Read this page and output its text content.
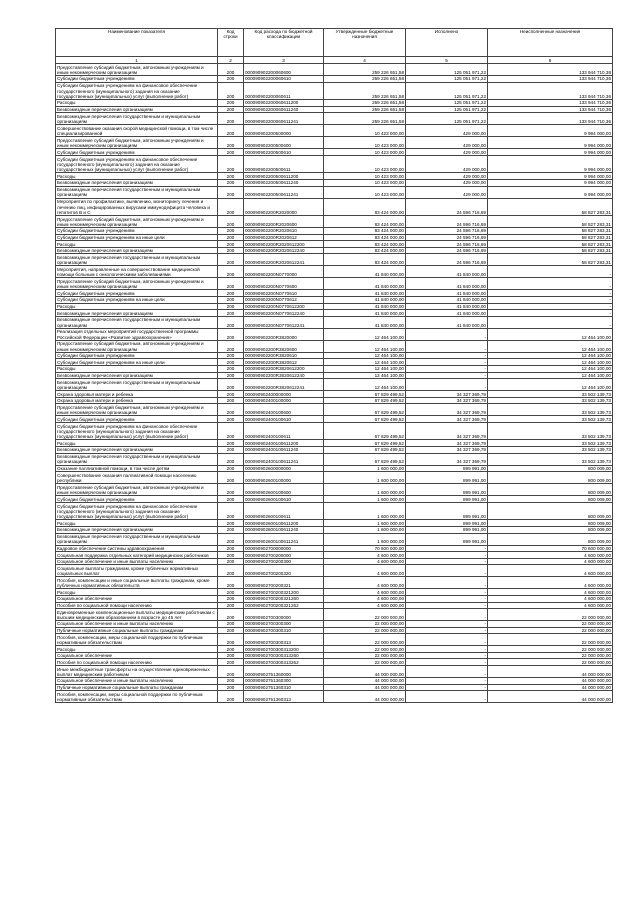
Наименование показателя	Код строки	Код расхода по бюджетной классификации	Утвержденные бюджетные назначения	Исполнено	Неисполненные назначения
1	2	3	4	5	6
Предоставление субсидий бюджетным, автономным учреждениям и иным некоммерческим организациям	200	000090902200060600	259 226 651,58	125 051 971,22	133 944 710,38
Субсидии бюджетным учреждениям	200	000090902200060610	259 226 651,58	125 051 971,22	133 944 710,36
Субсидии бюджетным учреждениям на финансовое обеспечение государственного (муниципального) задания на оказание государственных (муниципальных) услуг (выполнение работ)	200	000090902200060611	259 226 651,58	125 051 971,22	133 944 710,36
Расходы	200	000090902200060611200	259 226 651,58	125 051 971,22	133 944 710,36
Безвозмездные перечисления организациям	200	000090902200060611240	259 226 651,58	125 051 971,22	133 944 710,36
Безвозмездные перечисления государственным и муниципальным организациям	200	000090902200060611241	259 226 651,58	125 051 971,22	133 944 710,36
Совершенствование оказания скорой медицинской помощи, в том числе специализированной	200	000090902200500000	10 423 000,00	429 000,00	9 994 000,00
Предоставление субсидий бюджетным, автономным учреждениям и иным некоммерческим организациям	200	000090902200500600	10 423 000,00	429 000,00	9 994 000,00
Субсидии бюджетным учреждениям	200	000090902200500610	10 423 000,00	429 000,00	9 994 000,00
Субсидии бюджетным учреждениям на финансовое обеспечение государственного (муниципального) задания на оказание государственных (муниципальных) услуг (выполнение работ)	200	000090902200500611	10 423 000,00	429 000,00	9 994 000,00
Расходы	200	000090902200500611200	10 423 000,00	429 000,00	9 994 000,00
Безвозмездные перечисления организациям	200	000090902200500611240	10 423 000,00	429 000,00	9 994 000,00
Безвозмездные перечисления государственным и муниципальным организациям	200	000090902200500611241	10 423 000,00	429 000,00	9 994 000,00
Мероприятия по профилактике, выявлению, мониторингу лечения и лечению лиц, инфицированных вирусами иммунодефицита человека и гепатитов B и C	200	000090902200R2020000	83 424 000,00	24 596 716,69	58 827 283,31
Предоставление субсидий бюджетным, автономным учреждениям и иным некоммерческим организациям	200	000090902200R2020600	83 424 000,00	24 596 716,69	58 827 283,31
Субсидии бюджетным учреждениям	200	000090902200R2020610	83 424 000,00	24 596 716,69	58 827 283,31
Субсидии бюджетным учреждениям на иные цели	200	000090902200R2020612	83 424 000,00	24 596 716,69	58 827 283,31
Расходы	200	000090902200R2020612200	83 424 000,00	24 596 716,69	58 827 283,31
Безвозмездные перечисления организациям	200	000090902200R2020612240	83 424 000,00	24 596 716,69	58 827 283,31
Безвозмездные перечисления государственным и муниципальным организациям	200	000090902200R2020612241	83 424 000,00	24 596 716,69	58 827 283,31
Мероприятия, направленные на совершенствование медицинской помощи больным с онкологическими заболеваниями	200	000090902200N0770000	41 840 000,00	41 840 000,00	-
Предоставление субсидий бюджетным, автономным учреждениям и иным некоммерческим организациям	200	000090902200N0770600	41 840 000,00	41 840 000,00	-
Субсидии бюджетным учреждениям	200	000090902200N0770610	41 840 000,00	41 840 000,00	-
Субсидии бюджетным учреждениям на иные цели	200	000090902200N0770612	41 840 000,00	41 840 000,00	-
Расходы	200	000090902200N0770612200	41 840 000,00	41 840 000,00	-
Безвозмездные перечисления организациям	200	000090902200N0770612240	41 840 000,00	41 840 000,00	-
Безвозмездные перечисления государственным и муниципальным организациям	200	000090902200N0770612241	41 840 000,00	41 840 000,00	-
Реализация отдельных мероприятий государственной программы Российской Федерации «Развитие здравоохранения»	200	000090902200R3820000	12 464 100,00	-	12 464 100,00
Предоставление субсидий бюджетным, автономным учреждениям и иным некоммерческим организациям	200	000090902200R3820600	12 464 100,00	-	12 464 100,00
Субсидии бюджетным учреждениям	200	000090902200R3820610	12 464 100,00	-	12 464 100,00
Субсидии бюджетным учреждениям на иные цели	200	000090902200R3820612	12 464 100,00	-	12 464 100,00
Расходы	200	000090902200R3820612200	12 464 100,00	-	12 464 100,00
Безвозмездные перечисления организациям	200	000090902200R3820612240	12 464 100,00	-	12 464 100,00
Безвозмездные перечисления государственным и муниципальным организациям	200	000090902200R3820612241	12 464 100,00	-	12 464 100,00
Охрана здоровья матери и ребенка	200	000090902400000000	67 829 499,52	34 327 369,79	33 502 139,73
Охрана здоровья матери и ребенка	200	000090902400100000	67 829 499,52	34 327 369,79	33 502 139,73
Предоставление субсидий бюджетным, автономным учреждениям и иным некоммерческим организациям	200	000090902400100600	67 829 499,52	34 327 369,79	33 502 139,73
Субсидии бюджетным учреждениям	200	000090902400100610	67 829 499,52	34 327 369,79	33 502 139,73
Субсидии бюджетным учреждениям на финансовое обеспечение государственного (муниципального) задания на оказание государственных (муниципальных) услуг (выполнение работ)	200	000090902400100611	67 829 499,52	34 327 369,79	33 502 139,73
Расходы	200	000090902400100611200	67 829 499,52	34 327 369,79	33 502 139,73
Безвозмездные перечисления организациям	200	000090902400100611240	67 829 499,52	34 327 369,79	33 502 139,73
Безвозмездные перечисления государственным и муниципальным организациям	200	000090902400100611241	67 829 499,52	34 327 369,79	33 502 139,73
Оказание паллиативной помощи, в том числе детям	200	000090902600000000	1 600 000,00	899 991,00	800 009,00
Совершенствование оказания паллиативной помощи населению республики	200	000090902600100000	1 600 000,00	899 991,00	800 009,00
Предоставление субсидий бюджетным, автономным учреждениям и иным некоммерческим организациям	200	000090902600100600	1 600 000,00	899 991,00	800 009,00
Субсидии бюджетным учреждениям	200	000090902600100610	1 600 000,00	899 991,00	800 009,00
Субсидии бюджетным учреждениям на финансовое обеспечение государственного (муниципального) задания на оказание государственных (муниципальных) услуг (выполнение работ)	200	000090902600100611	1 600 000,00	899 991,00	800 009,00
Расходы	200	000090902600100611200	1 600 000,00	899 991,00	800 009,00
Безвозмездные перечисления организациям	200	000090902600100611240	1 600 000,00	899 991,00	800 009,00
Безвозмездные перечисления государственным и муниципальным организациям	200	000090902600100611241	1 600 000,00	899 991,00	800 009,00
Кадровое обеспечение системы здравоохранения	200	000090902700000000	70 600 000,00	-	70 600 000,00
Социальная поддержка отдельных категорий медицинских работников	200	000090902700200000	4 600 000,00	-	4 600 000,00
Социальное обеспечение и иные выплаты населению	200	000090902700200300	4 600 000,00	-	4 600 000,00
Социальные выплаты гражданам, кроме публичных нормативных социальных выплат	200	000090902700200320	4 600 000,00	-	4 600 000,00
Пособия, компенсации и иные социальные выплаты гражданам, кроме публичных нормативных обязательств	200	000090902700200321	4 600 000,00	-	4 600 000,00
Расходы	200	000090902700200321200	4 600 000,00	-	4 600 000,00
Социальное обеспечение	200	000090902700200321260	4 600 000,00	-	4 600 000,00
Пособия по социальной помощи населению	200	000090902700200321262	4 600 000,00	-	4 600 000,00
Единовременные компенсационные выплаты медицинским работникам с высшим медицинским образованием в возрасте до 45 лет	200	000090902700300000	22 000 000,00	-	22 000 000,00
Социальное обеспечение и иные выплаты населению	200	000090902700300300	22 000 000,00	-	22 000 000,00
Публичные нормативные социальные выплаты гражданам	200	000090902700300310	22 000 000,00	-	22 000 000,00
Пособия, компенсации, меры социальной поддержки по публичным нормативным обязательствам	200	000090902700300313	22 000 000,00	-	22 000 000,00
Расходы	200	000090902700300313200	22 000 000,00	-	22 000 000,00
Социальное обеспечение	200	000090902700300313260	22 000 000,00	-	22 000 000,00
Пособия по социальной помощи населению	200	000090902700300313262	22 000 000,00	-	22 000 000,00
Иные межбюджетные трансферты на осуществление единовременных выплат медицинским работникам	200	000090902751360000	44 000 000,00	-	44 000 000,00
Социальное обеспечение и иные выплаты населению	200	000090902751360300	44 000 000,00	-	44 000 000,00
Публичные нормативные социальные выплаты гражданам	200	000090902751360310	44 000 000,00	-	44 000 000,00
Пособия, компенсации, меры социальной поддержки по публичным нормативным обязательствам	200	000090902751360313	44 000 000,00	-	44 000 000,00
